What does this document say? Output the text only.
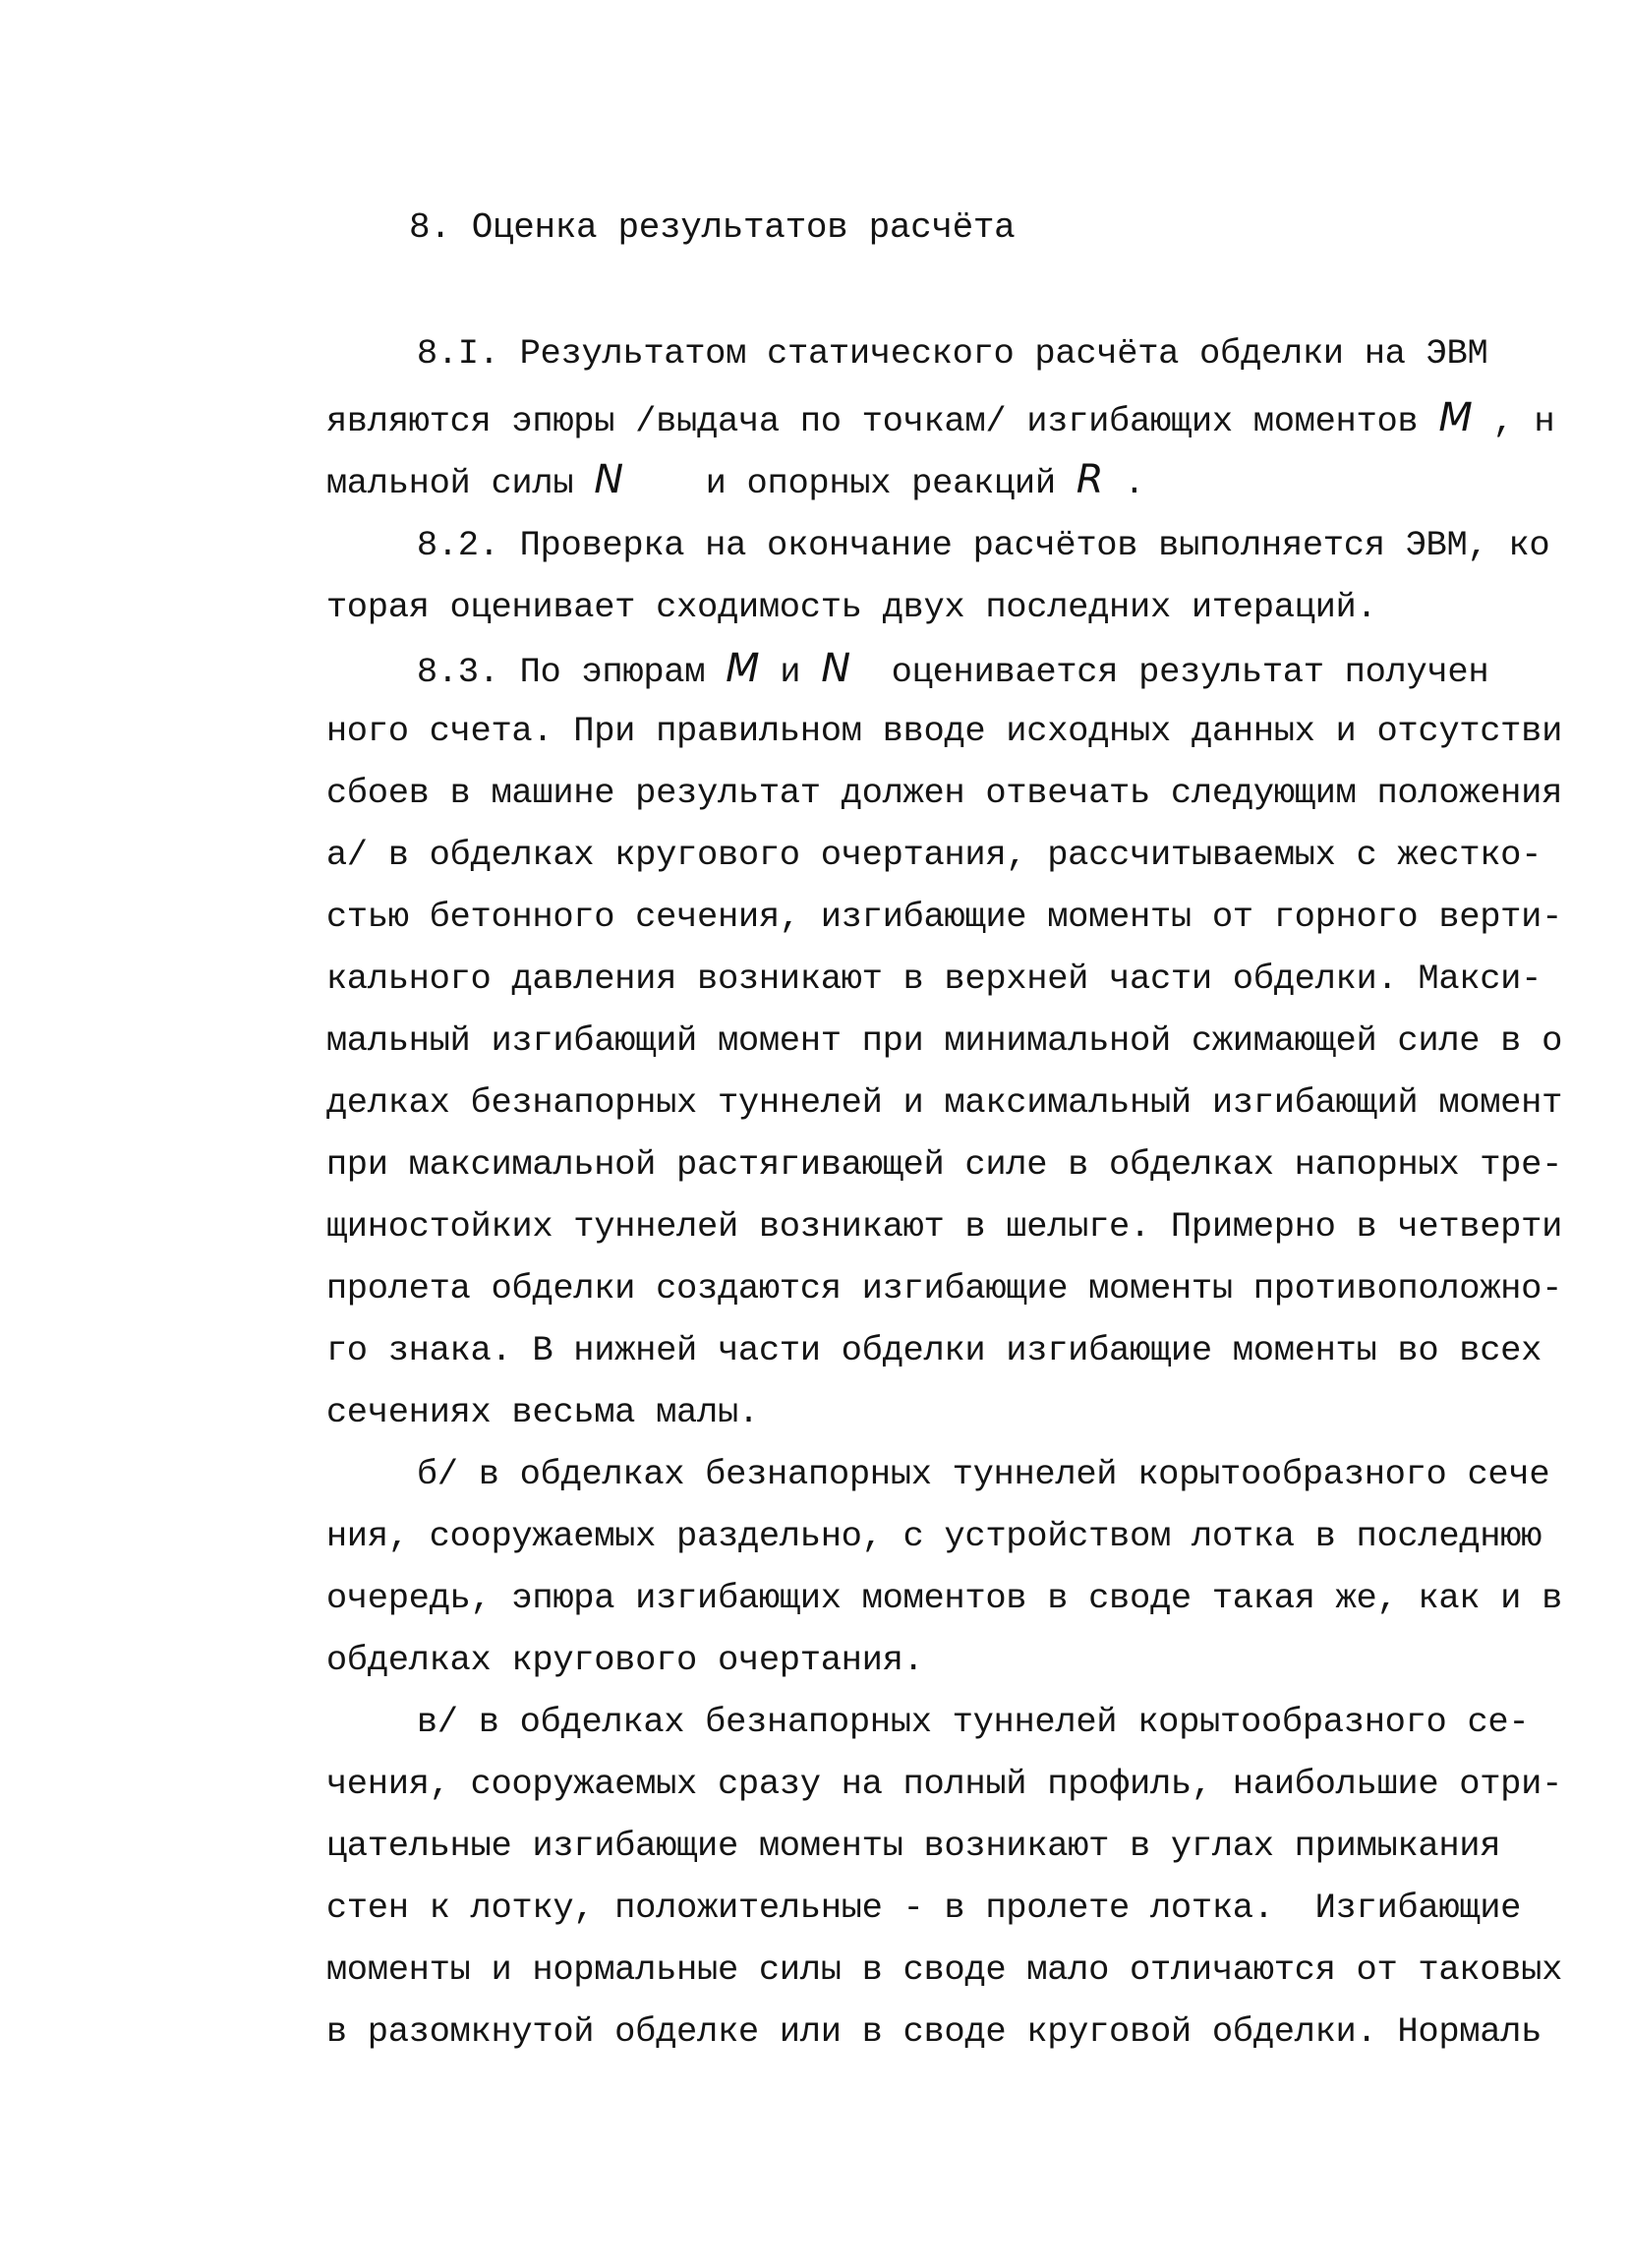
8. Оценка результатов расчёта

8.I. Результатом статического расчёта обделки на ЭВМ

являются эпюры /выдача по точкам/ изгибающих моментов M , н

мальной силы N    и опорных реакций R .

8.2. Проверка на окончание расчётов выполняется ЭВМ, ко

торая оценивает сходимость двух последних итераций.

8.3. По эпюрам M и N  оценивается результат получен

ного счета. При правильном вводе исходных данных и отсутстви

сбоев в машине результат должен отвечать следующим положения

а/ в обделках кругового очертания, рассчитываемых с жестко-

стью бетонного сечения, изгибающие моменты от горного верти-

кального давления возникают в верхней части обделки. Макси-

мальный изгибающий момент при минимальной сжимающей силе в о

делках безнапорных туннелей и максимальный изгибающий момент

при максимальной растягивающей силе в обделках напорных тре-

щиностойких туннелей возникают в шелыге. Примерно в четверти

пролета обделки создаются изгибающие моменты противоположно-

го знака. В нижней части обделки изгибающие моменты во всех

сечениях весьма малы.

б/ в обделках безнапорных туннелей корытообразного сече

ния, сооружаемых раздельно, с устройством лотка в последнюю

очередь, эпюра изгибающих моментов в своде такая же, как и в

обделках кругового очертания.

в/ в обделках безнапорных туннелей корытообразного се-

чения, сооружаемых сразу на полный профиль, наибольшие отри-

цательные изгибающие моменты возникают в углах примыкания

стен к лотку, положительные - в пролете лотка.  Изгибающие

моменты и нормальные силы в своде мало отличаются от таковых

в разомкнутой обделке или в своде круговой обделки. Нормаль
